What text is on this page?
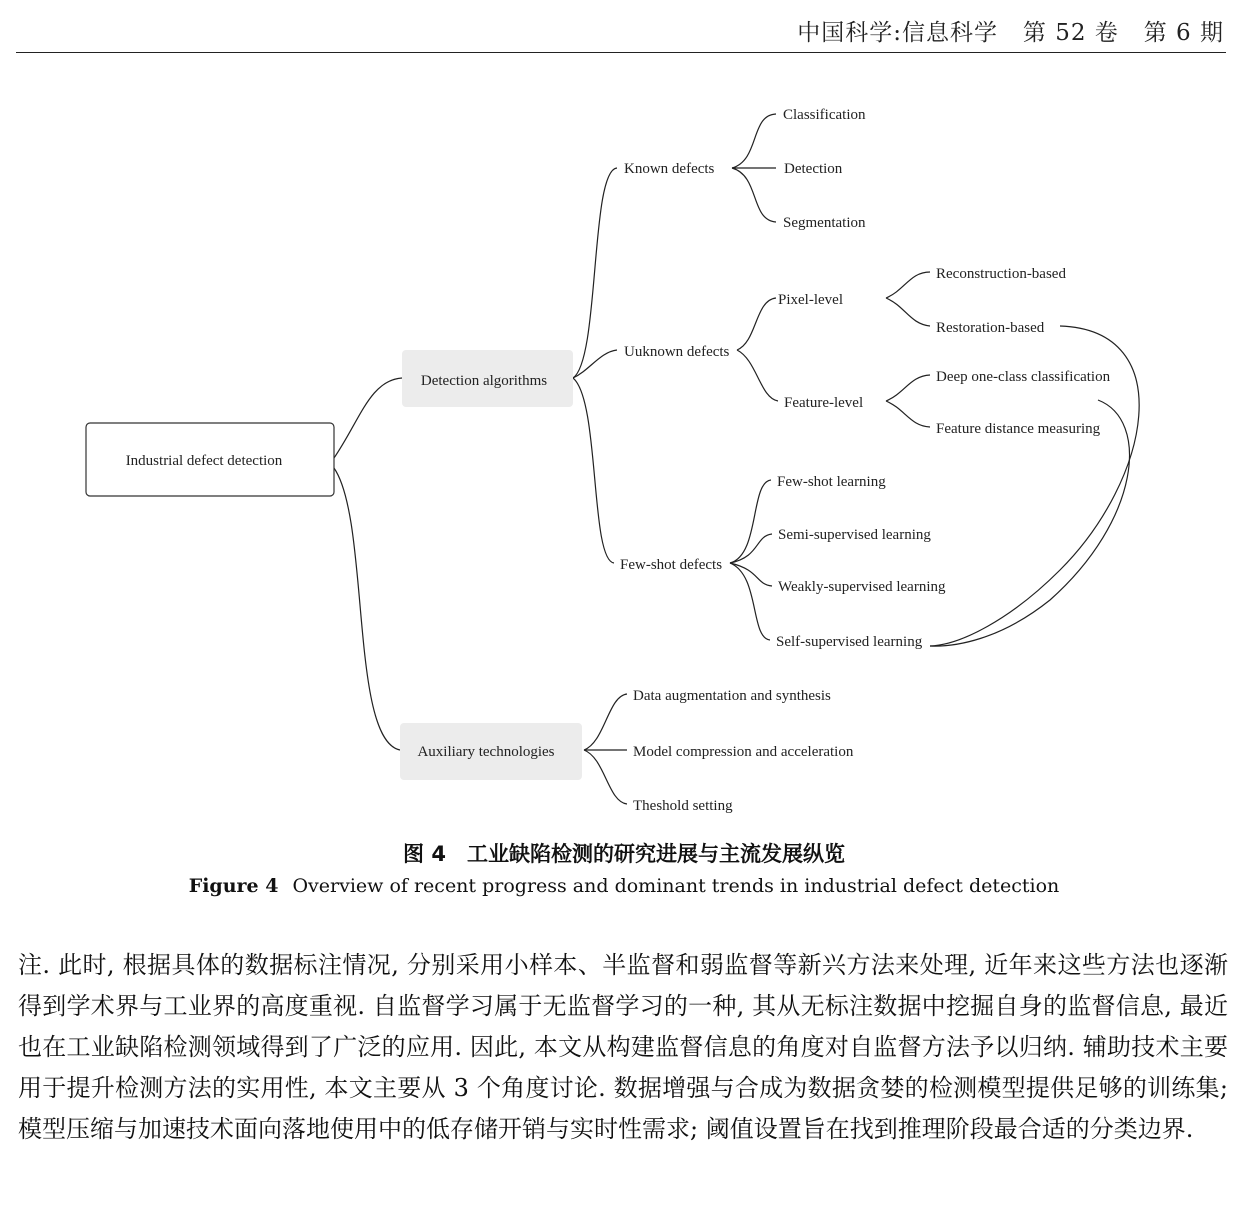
中国科学:信息科学 第 52 卷 第 6 期
Industrial defect detection
Detection algorithms
Auxiliary technologies
Known defects
Uuknown defects
Few-shot defects
Classification
Detection
Segmentation
Pixel-level
Feature-level
Reconstruction-based
Restoration-based
Deep one-class classification
Feature distance measuring
Few-shot learning
Semi-supervised learning
Weakly-supervised learning
Self-supervised learning
Data augmentation and synthesis
Model compression and acceleration
Theshold setting
图 4　工业缺陷检测的研究进展与主流发展纵览
Figure 4 Overview of recent progress and dominant trends in industrial defect detection
注. 此时, 根据具体的数据标注情况, 分别采用小样本、半监督和弱监督等新兴方法来处理, 近年来这些方法也逐渐得到学术界与工业界的高度重视. 自监督学习属于无监督学习的一种, 其从无标注数据中挖掘自身的监督信息, 最近也在工业缺陷检测领域得到了广泛的应用. 因此, 本文从构建监督信息的角度对自监督方法予以归纳. 辅助技术主要用于提升检测方法的实用性, 本文主要从 3 个角度讨论. 数据增强与合成为数据贪婪的检测模型提供足够的训练集; 模型压缩与加速技术面向落地使用中的低存储开销与实时性需求; 阈值设置旨在找到推理阶段最合适的分类边界.
